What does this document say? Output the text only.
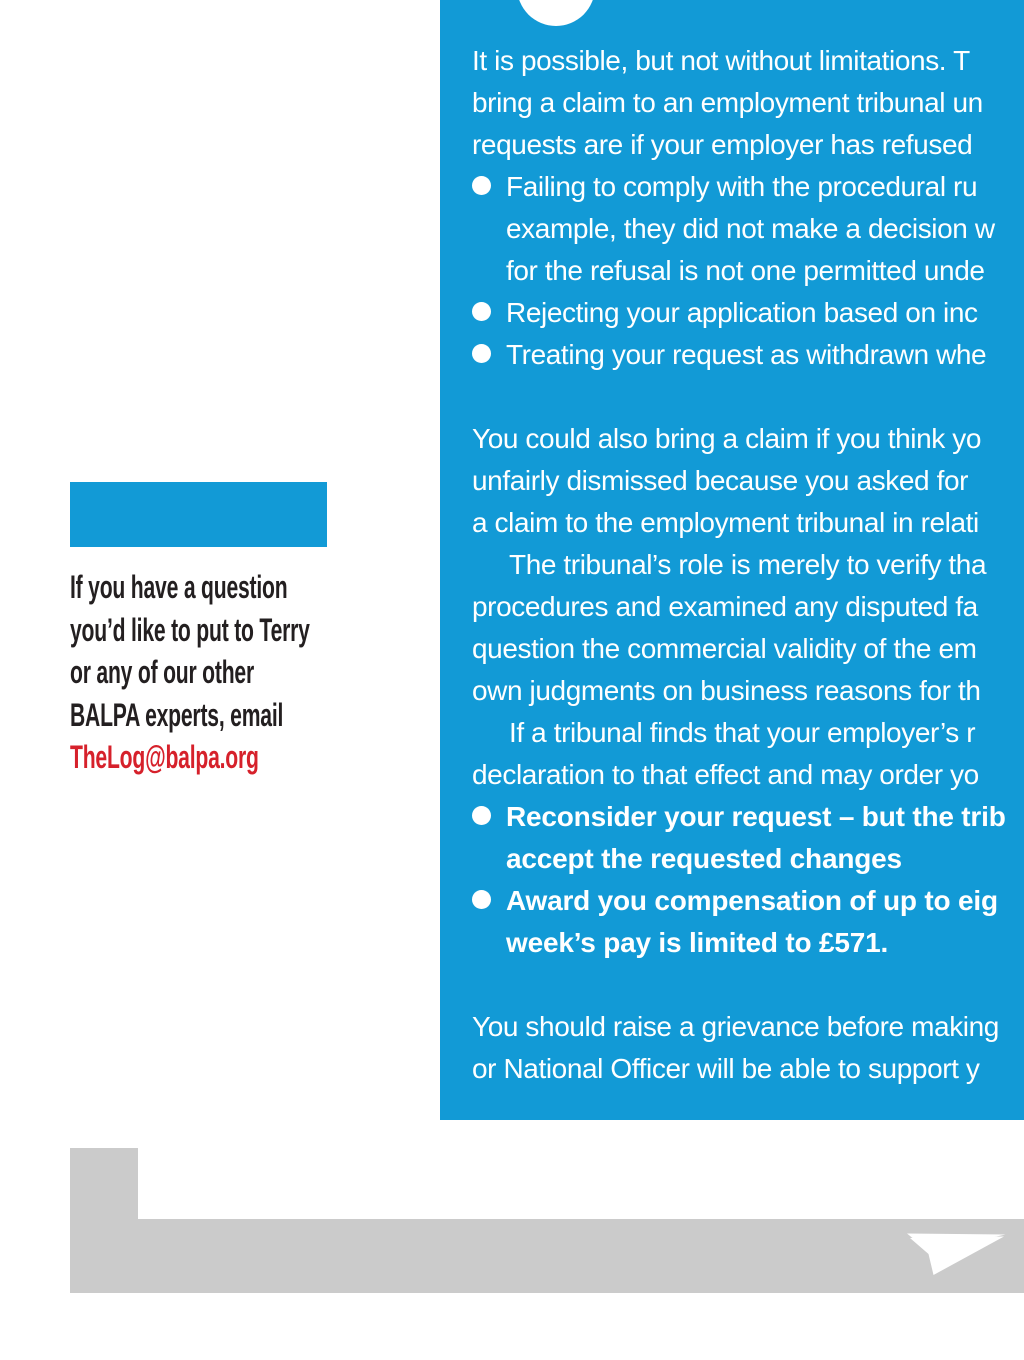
If you have a question
you’d like to put to Terry
or any of our other
BALPA experts, email
TheLog@balpa.org
It is possible, but not without limitations. T
bring a claim to an employment tribunal un
requests are if your employer has refused
Failing to comply with the procedural ru
example, they did not make a decision w
for the refusal is not one permitted unde
Rejecting your application based on inc
Treating your request as withdrawn whe
You could also bring a claim if you think yo
unfairly dismissed because you asked for
a claim to the employment tribunal in relati
The tribunal’s role is merely to verify tha
procedures and examined any disputed fa
question the commercial validity of the em
own judgments on business reasons for th
If a tribunal finds that your employer’s r
declaration to that effect and may order yo
Reconsider your request – but the trib
accept the requested changes
Award you compensation of up to eig
week’s pay is limited to £571.
You should raise a grievance before making
or National Officer will be able to support y
